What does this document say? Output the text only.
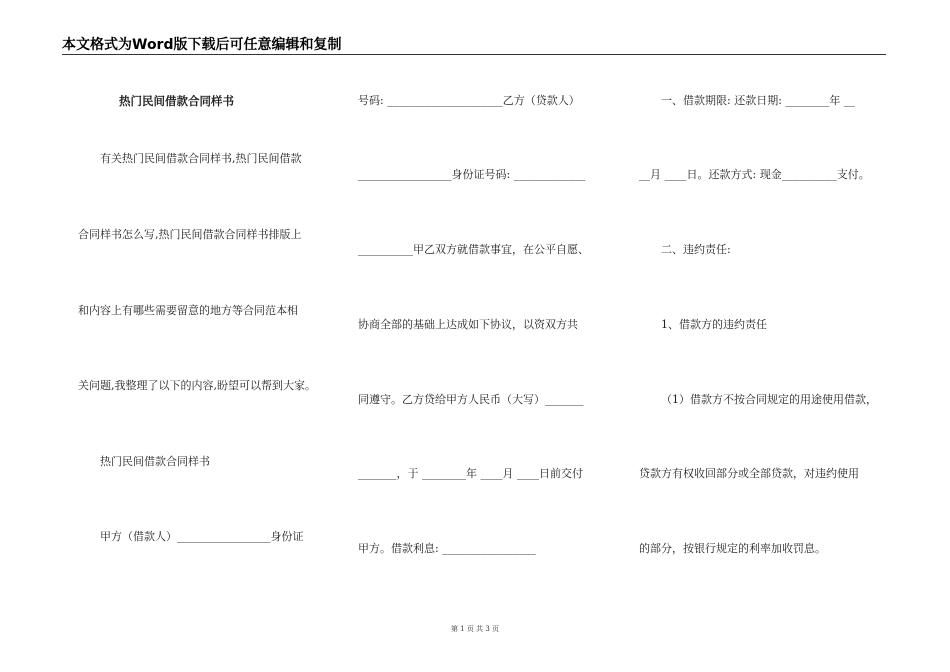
本文格式为Word版下载后可任意编辑和复制
热门民间借款合同样书
有关热门民间借款合同样书,热门民间借款
合同样书怎么写,热门民间借款合同样书排版上
和内容上有哪些需要留意的地方等合同范本相
关问题,我整理了以下的内容,盼望可以帮到大家。
热门民间借款合同样书
甲方（借款人）_________________身份证
号码: _____________________乙方（贷款人）
_________________身份证号码: _____________
__________甲乙双方就借款事宜，在公平自愿、
协商全部的基础上达成如下协议，以资双方共
同遵守。乙方贷给甲方人民币（大写）_______
_______，于 ________年 ____月 ____日前交付
甲方。借款利息: _________________
一、借款期限: 还款日期: ________年 __
__月 ____日。还款方式: 现金__________支付。
二、违约责任:
1、借款方的违约责任
（1）借款方不按合同规定的用途使用借款，
贷款方有权收回部分或全部贷款，对违约使用
的部分，按银行规定的利率加收罚息。
第 1 页 共 3 页
